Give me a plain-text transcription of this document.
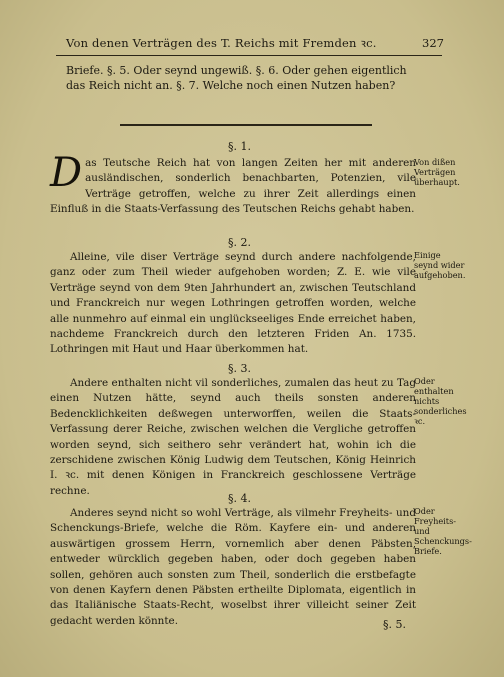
Von denen Verträgen des T. Reichs mit Fremden ꝛc.	327
Briefe. §. 5. Oder seynd ungewiß. §. 6. Oder gehen eigentlich das Reich nicht an. §. 7. Welche noch einen Nutzen haben?
§. 1.
Das Teutsche Reich hat von langen Zeiten her mit anderen ausländischen, sonderlich benachbarten, Potenzien, vile Verträge getroffen, welche zu ihrer Zeit allerdings einen Einfluß in die Staats-Verfassung des Teutschen Reichs gehabt haben.
Von dißen Verträgen überhaupt.
§. 2.
Alleine, vile diser Verträge seynd durch andere nachfolgende, ganz oder zum Theil wieder aufgehoben worden; Z. E. wie vile Verträge seynd von dem 9ten Jahrhundert an, zwischen Teutschland und Franckreich nur wegen Lothringen getroffen worden, welche alle nunmehro auf einmal ein unglückseeliges Ende erreichet haben, nachdeme Franckreich durch den letzteren Friden An. 1735. Lothringen mit Haut und Haar überkommen hat.
Einige seynd wider aufgehoben.
§. 3.
Andere enthalten nicht vil sonderliches, zumalen das heut zu Tag einen Nutzen hätte, seynd auch theils sonsten anderen Bedencklichkeiten deßwegen unterworffen, weilen die Staats-Verfassung derer Reiche, zwischen welchen die Vergliche getroffen worden seynd, sich seithero sehr verändert hat, wohin ich die zerschidene zwischen König Ludwig dem Teutschen, König Heinrich I. ꝛc. mit denen Königen in Franckreich geschlossene Verträge rechne.
Oder enthalten nichts sonderliches ꝛc.
§. 4.
Anderes seynd nicht so wohl Verträge, als vilmehr Freyheits- und Schenckungs-Briefe, welche die Röm. Kayfere ein- und anderen auswärtigen grossem Herrn, vornemlich aber denen Päbsten, entweder würcklich gegeben haben, oder doch gegeben haben sollen, gehören auch sonsten zum Theil, sonderlich die erstbefagte von denen Kayfern denen Päbsten ertheilte Diplomata, eigentlich in das Italiänische Staats-Recht, woselbst ihrer villeicht seiner Zeit gedacht werden könnte.
Oder Freyheits- und Schenckungs-Briefe.
§. 5.
